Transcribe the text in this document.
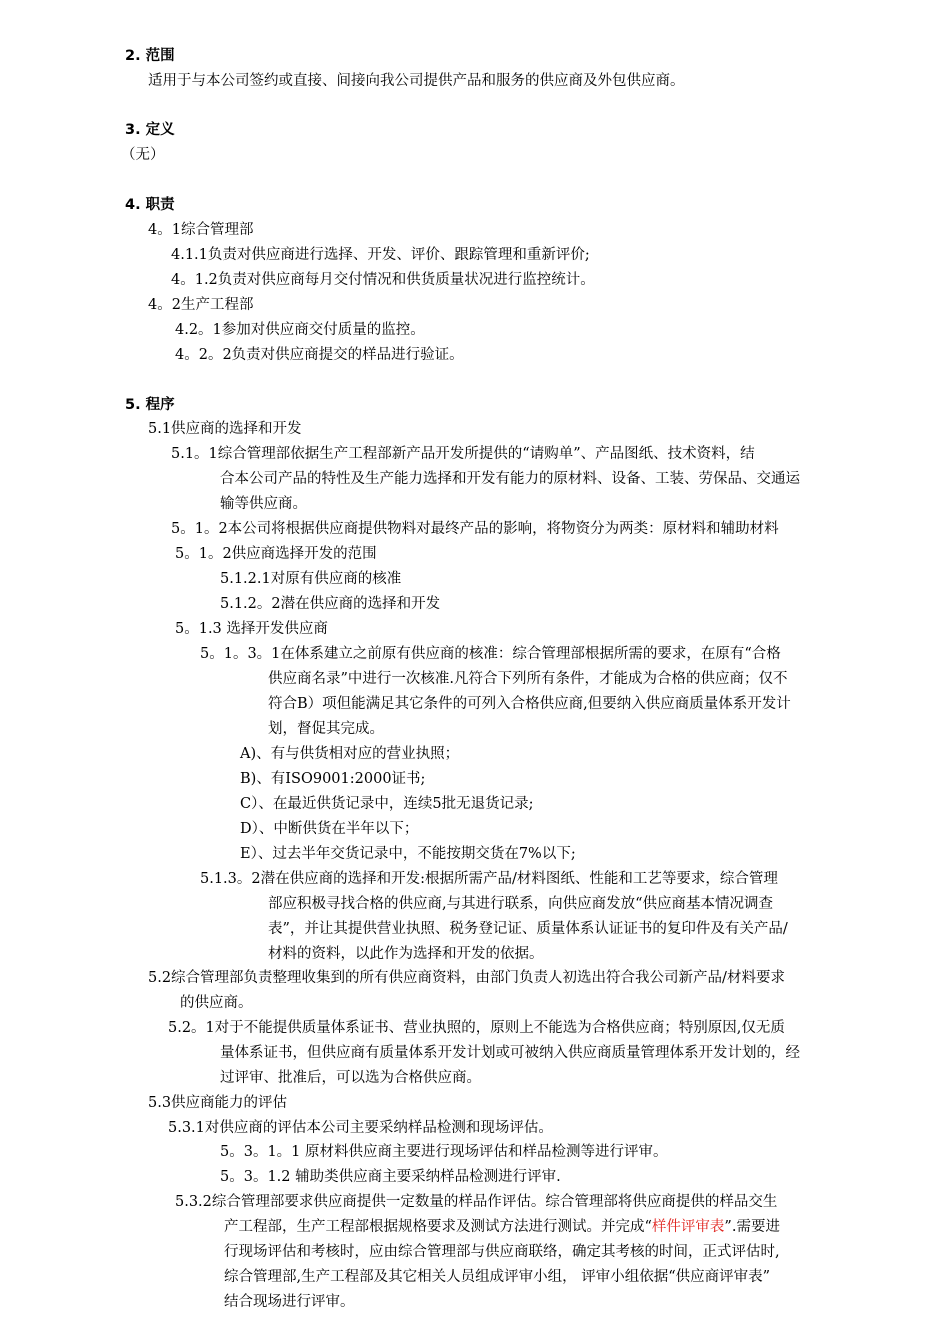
2. 范围
适用于与本公司签约或直接、间接向我公司提供产品和服务的供应商及外包供应商。
3. 定义
（无）
4. 职责
4。1综合管理部
4.1.1负责对供应商进行选择、开发、评价、跟踪管理和重新评价;
4。1.2负责对供应商每月交付情况和供货质量状况进行监控统计。
4。2生产工程部
4.2。1参加对供应商交付质量的监控。
4。2。2负责对供应商提交的样品进行验证。
5. 程序
5.1供应商的选择和开发
5.1。1综合管理部依据生产工程部新产品开发所提供的“请购单”、产品图纸、技术资料，结
合本公司产品的特性及生产能力选择和开发有能力的原材料、设备、工装、劳保品、交通运
输等供应商。
5。1。2本公司将根据供应商提供物料对最终产品的影响，将物资分为两类：原材料和辅助材料
5。1。2供应商选择开发的范围
5.1.2.1对原有供应商的核准
5.1.2。2潜在供应商的选择和开发
5。1.3 选择开发供应商
5。1。3。1在体系建立之前原有供应商的核准：综合管理部根据所需的要求，在原有“合格
供应商名录”中进行一次核准.凡符合下列所有条件，才能成为合格的供应商；仅不
符合B）项但能满足其它条件的可列入合格供应商,但要纳入供应商质量体系开发计
划，督促其完成。
A)、有与供货相对应的营业执照；
B)、有ISO9001:2000证书;
C）、在最近供货记录中，连续5批无退货记录;
D）、中断供货在半年以下；
E）、过去半年交货记录中，不能按期交货在7%以下;
5.1.3。2潜在供应商的选择和开发:根据所需产品/材料图纸、性能和工艺等要求，综合管理
部应积极寻找合格的供应商,与其进行联系，向供应商发放“供应商基本情况调查
表”，并让其提供营业执照、税务登记证、质量体系认证证书的复印件及有关产品/
材料的资料，以此作为选择和开发的依据。
5.2综合管理部负责整理收集到的所有供应商资料，由部门负责人初选出符合我公司新产品/材料要求
的供应商。
5.2。1对于不能提供质量体系证书、营业执照的，原则上不能选为合格供应商；特别原因,仅无质
量体系证书，但供应商有质量体系开发计划或可被纳入供应商质量管理体系开发计划的，经
过评审、批准后，可以选为合格供应商。
5.3供应商能力的评估
5.3.1对供应商的评估本公司主要采纳样品检测和现场评估。
5。3。1。1 原材料供应商主要进行现场评估和样品检测等进行评审。
5。3。1.2 辅助类供应商主要采纳样品检测进行评审.
5.3.2综合管理部要求供应商提供一定数量的样品作评估。综合管理部将供应商提供的样品交生
产工程部，生产工程部根据规格要求及测试方法进行测试。并完成“样件评审表”.需要进
行现场评估和考核时，应由综合管理部与供应商联络，确定其考核的时间，正式评估时,
综合管理部,生产工程部及其它相关人员组成评审小组， 评审小组依据“供应商评审表”
结合现场进行评审。
